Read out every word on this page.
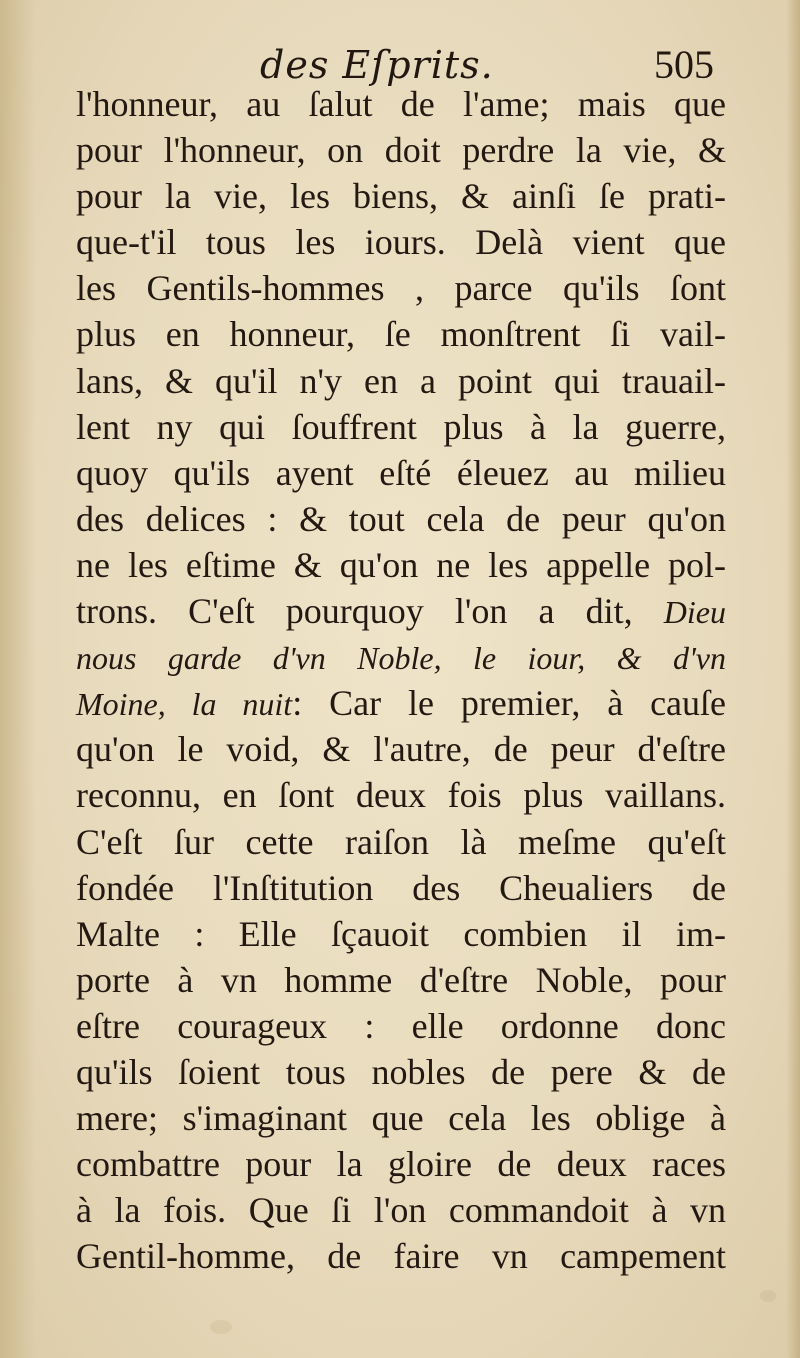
des Eſprits.	505
l'honneur, au ſalut de l'ame; mais que
pour l'honneur, on doit perdre la vie, &
pour la vie, les biens, & ainſi ſe prati-
que-t'il tous les iours. Delà vient que
les Gentils-hommes , parce qu'ils ſont
plus en honneur, ſe monſtrent ſi vail-
lans, & qu'il n'y en a point qui trauail-
lent ny qui ſouffrent plus à la guerre,
quoy qu'ils ayent eſté éleuez au milieu
des delices : & tout cela de peur qu'on
ne les eſtime & qu'on ne les appelle pol-
trons. C'eſt pourquoy l'on a dit, Dieu
nous garde d'vn Noble, le iour, & d'vn
Moine, la nuit: Car le premier, à cauſe
qu'on le void, & l'autre, de peur d'eſtre
reconnu, en ſont deux fois plus vaillans.
C'eſt ſur cette raiſon là meſme qu'eſt
fondée l'Inſtitution des Cheualiers de
Malte : Elle ſçauoit combien il im-
porte à vn homme d'eſtre Noble, pour
eſtre courageux : elle ordonne donc
qu'ils ſoient tous nobles de pere & de
mere; s'imaginant que cela les oblige à
combattre pour la gloire de deux races
à la fois. Que ſi l'on commandoit à vn
Gentil-homme, de faire vn campement
